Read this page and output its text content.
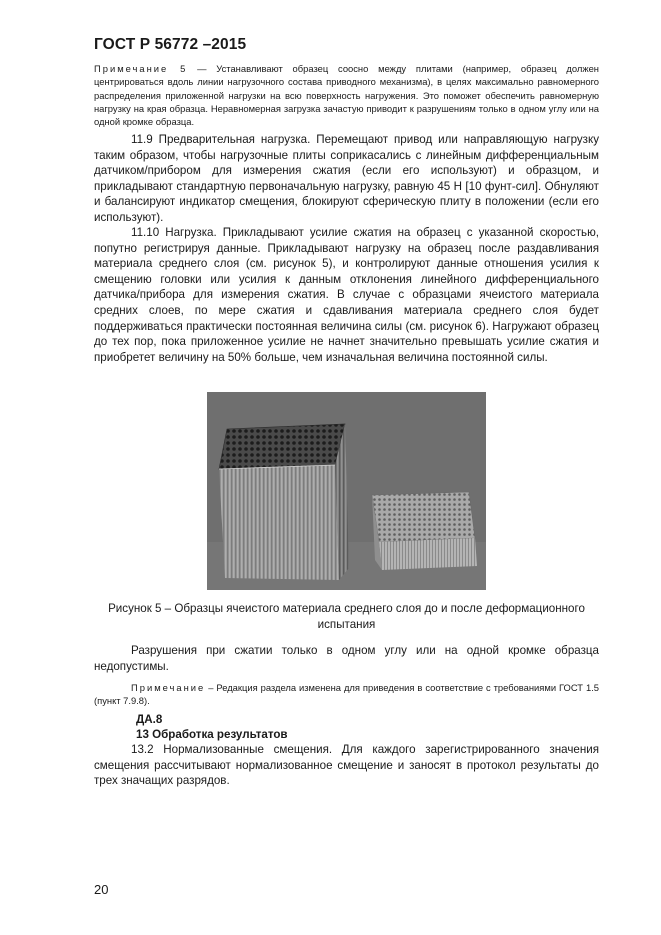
ГОСТ Р 56772 –2015
Примечание 5 — Устанавливают образец соосно между плитами (например, образец должен центрироваться вдоль линии нагрузочного состава приводного механизма), в целях максимально равномерного распределения приложенной нагрузки на всю поверхность нагружения. Это поможет обеспечить равномерную нагрузку на края образца. Неравномерная загрузка зачастую приводит к разрушениям только в одном углу или на одной кромке образца.
11.9 Предварительная нагрузка. Перемещают привод или направляющую нагрузку таким образом, чтобы нагрузочные плиты соприкасались с линейным дифференциальным датчиком/прибором для измерения сжатия (если его используют) и образцом, и прикладывают стандартную первоначальную нагрузку, равную 45 Н [10 фунт-сил]. Обнуляют и балансируют индикатор смещения, блокируют сферическую плиту в положении (если его используют).
11.10 Нагрузка. Прикладывают усилие сжатия на образец с указанной скоростью, попутно регистрируя данные. Прикладывают нагрузку на образец после раздавливания материала среднего слоя (см. рисунок 5), и контролируют данные отношения усилия к смещению головки или усилия к данным отклонения линейного дифференциального датчика/прибора для измерения сжатия. В случае с образцами ячеистого материала средних слоев, по мере сжатия и сдавливания материала среднего слоя будет поддерживаться практически постоянная величина силы (см. рисунок 6). Нагружают образец до тех пор, пока приложенное усилие не начнет значительно превышать усилие сжатия и приобретет величину на 50% больше, чем изначальная величина постоянной силы.
Рисунок 5 – Образцы ячеистого материала среднего слоя до и после деформационного испытания
Разрушения при сжатии только в одном углу или на одной кромке образца недопустимы.
Примечание – Редакция раздела изменена для приведения в соответствие с требованиями ГОСТ 1.5 (пункт 7.9.8).
ДА.8
13 Обработка результатов
13.2 Нормализованные смещения. Для каждого зарегистрированного значения смещения рассчитывают нормализованное смещение и заносят в протокол результаты до трех значащих разрядов.
20
